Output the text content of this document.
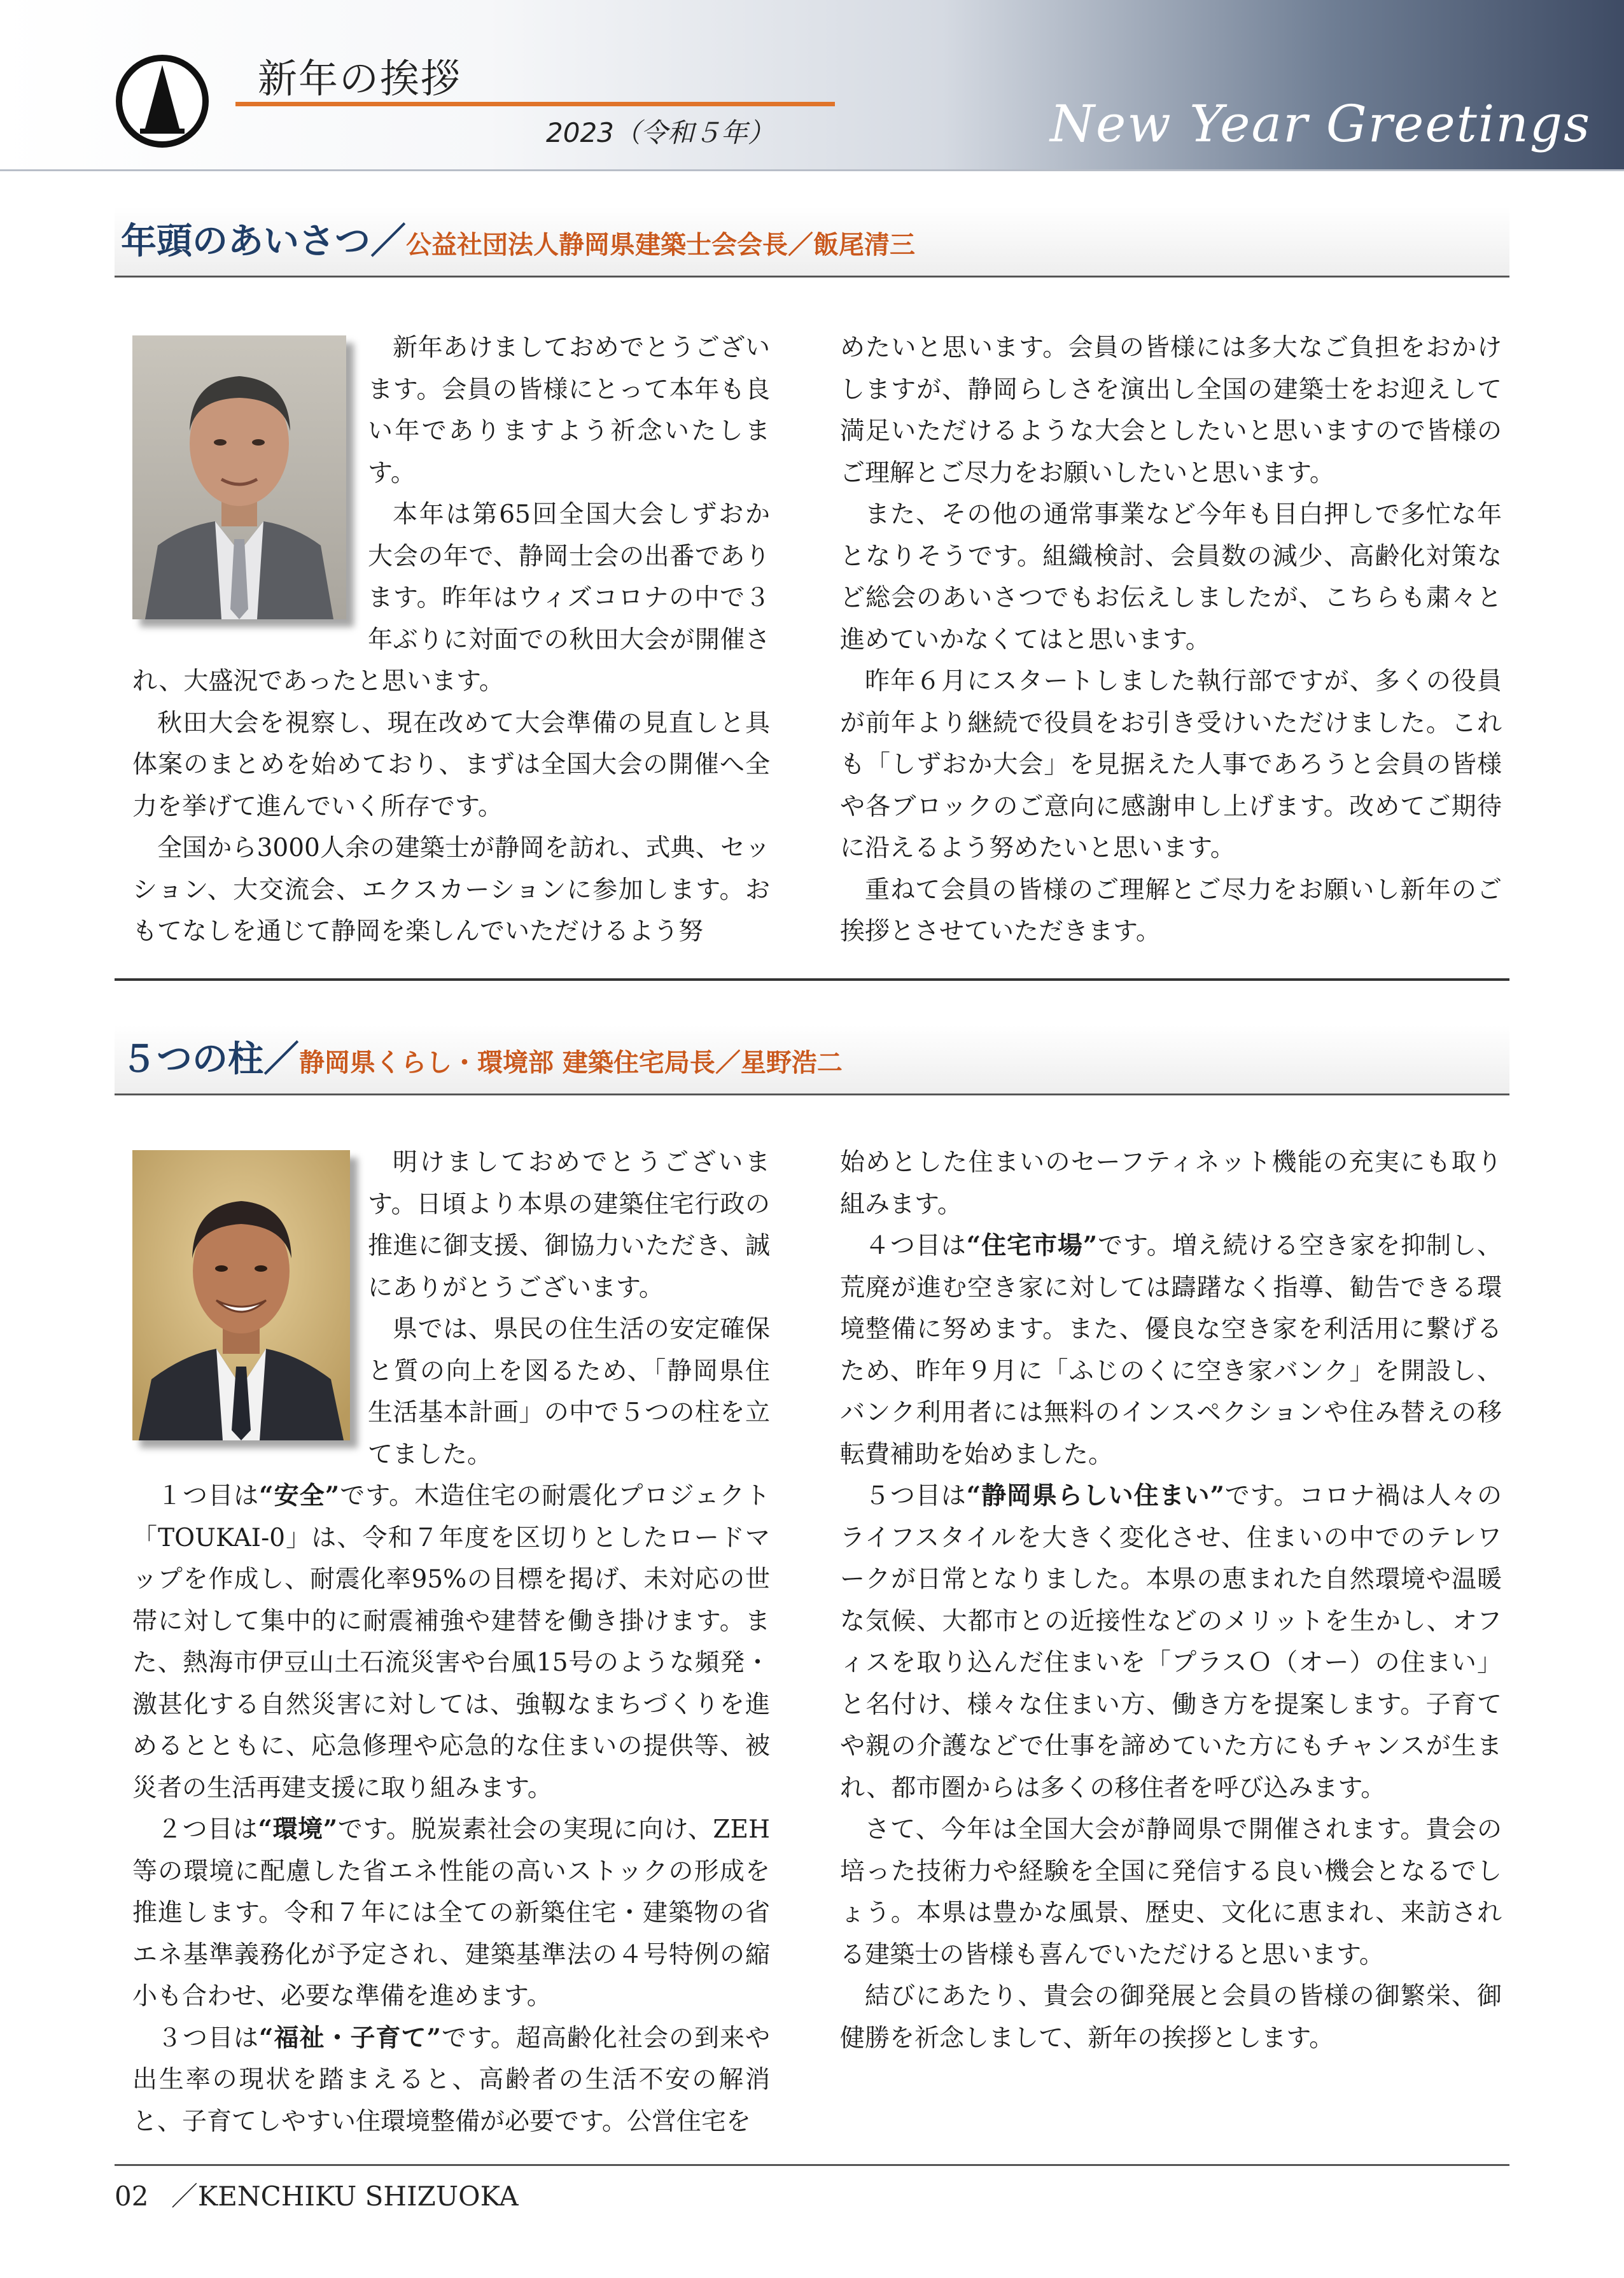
新年の挨拶
2023（令和５年）	New Year Greetings
年頭のあいさつ／公益社団法人静岡県建築士会会長／飯尾清三

新年あけましておめでとうございます。会員の皆様にとって本年も良い年でありますよう祈念いたします。

本年は第65回全国大会しずおか大会の年で、静岡士会の出番であります。昨年はウィズコロナの中で３年ぶりに対面での秋田大会が開催され、大盛況であったと思います。

秋田大会を視察し、現在改めて大会準備の見直しと具体案のまとめを始めており、まずは全国大会の開催へ全力を挙げて進んでいく所存です。

全国から3000人余の建築士が静岡を訪れ、式典、セッション、大交流会、エクスカーションに参加します。おもてなしを通じて静岡を楽しんでいただけるよう努

めたいと思います。会員の皆様には多大なご負担をおかけしますが、静岡らしさを演出し全国の建築士をお迎えして満足いただけるような大会としたいと思いますので皆様のご理解とご尽力をお願いしたいと思います。

また、その他の通常事業など今年も目白押しで多忙な年となりそうです。組織検討、会員数の減少、高齢化対策など総会のあいさつでもお伝えしましたが、こちらも粛々と進めていかなくてはと思います。

昨年６月にスタートしました執行部ですが、多くの役員が前年より継続で役員をお引き受けいただけました。これも「しずおか大会」を見据えた人事であろうと会員の皆様や各ブロックのご意向に感謝申し上げます。改めてご期待に沿えるよう努めたいと思います。

重ねて会員の皆様のご理解とご尽力をお願いし新年のご挨拶とさせていただきます。

５つの柱／静岡県くらし・環境部 建築住宅局長／星野浩二

明けましておめでとうございます。日頃より本県の建築住宅行政の推進に御支援、御協力いただき、誠にありがとうございます。

県では、県民の住生活の安定確保と質の向上を図るため、「静岡県住生活基本計画」の中で５つの柱を立てました。

１つ目は“安全”です。木造住宅の耐震化プロジェクト「TOUKAI-0」は、令和７年度を区切りとしたロードマップを作成し、耐震化率95%の目標を掲げ、未対応の世帯に対して集中的に耐震補強や建替を働き掛けます。また、熱海市伊豆山土石流災害や台風15号のような頻発・激甚化する自然災害に対しては、強靱なまちづくりを進めるとともに、応急修理や応急的な住まいの提供等、被災者の生活再建支援に取り組みます。

２つ目は“環境”です。脱炭素社会の実現に向け、ZEH等の環境に配慮した省エネ性能の高いストックの形成を推進します。令和７年には全ての新築住宅・建築物の省エネ基準義務化が予定され、建築基準法の４号特例の縮小も合わせ、必要な準備を進めます。

３つ目は“福祉・子育て”です。超高齢化社会の到来や出生率の現状を踏まえると、高齢者の生活不安の解消と、子育てしやすい住環境整備が必要です。公営住宅を

始めとした住まいのセーフティネット機能の充実にも取り組みます。

４つ目は“住宅市場”です。増え続ける空き家を抑制し、荒廃が進む空き家に対しては躊躇なく指導、勧告できる環境整備に努めます。また、優良な空き家を利活用に繋げるため、昨年９月に「ふじのくに空き家バンク」を開設し、バンク利用者には無料のインスペクションや住み替えの移転費補助を始めました。

５つ目は“静岡県らしい住まい”です。コロナ禍は人々のライフスタイルを大きく変化させ、住まいの中でのテレワークが日常となりました。本県の恵まれた自然環境や温暖な気候、大都市との近接性などのメリットを生かし、オフィスを取り込んだ住まいを「プラスＯ（オー）の住まい」と名付け、様々な住まい方、働き方を提案します。子育てや親の介護などで仕事を諦めていた方にもチャンスが生まれ、都市圏からは多くの移住者を呼び込みます。

さて、今年は全国大会が静岡県で開催されます。貴会の培った技術力や経験を全国に発信する良い機会となるでしょう。本県は豊かな風景、歴史、文化に恵まれ、来訪される建築士の皆様も喜んでいただけると思います。

結びにあたり、貴会の御発展と会員の皆様の御繁栄、御健勝を祈念しまして、新年の挨拶とします。

02 ／KENCHIKU SHIZUOKA
